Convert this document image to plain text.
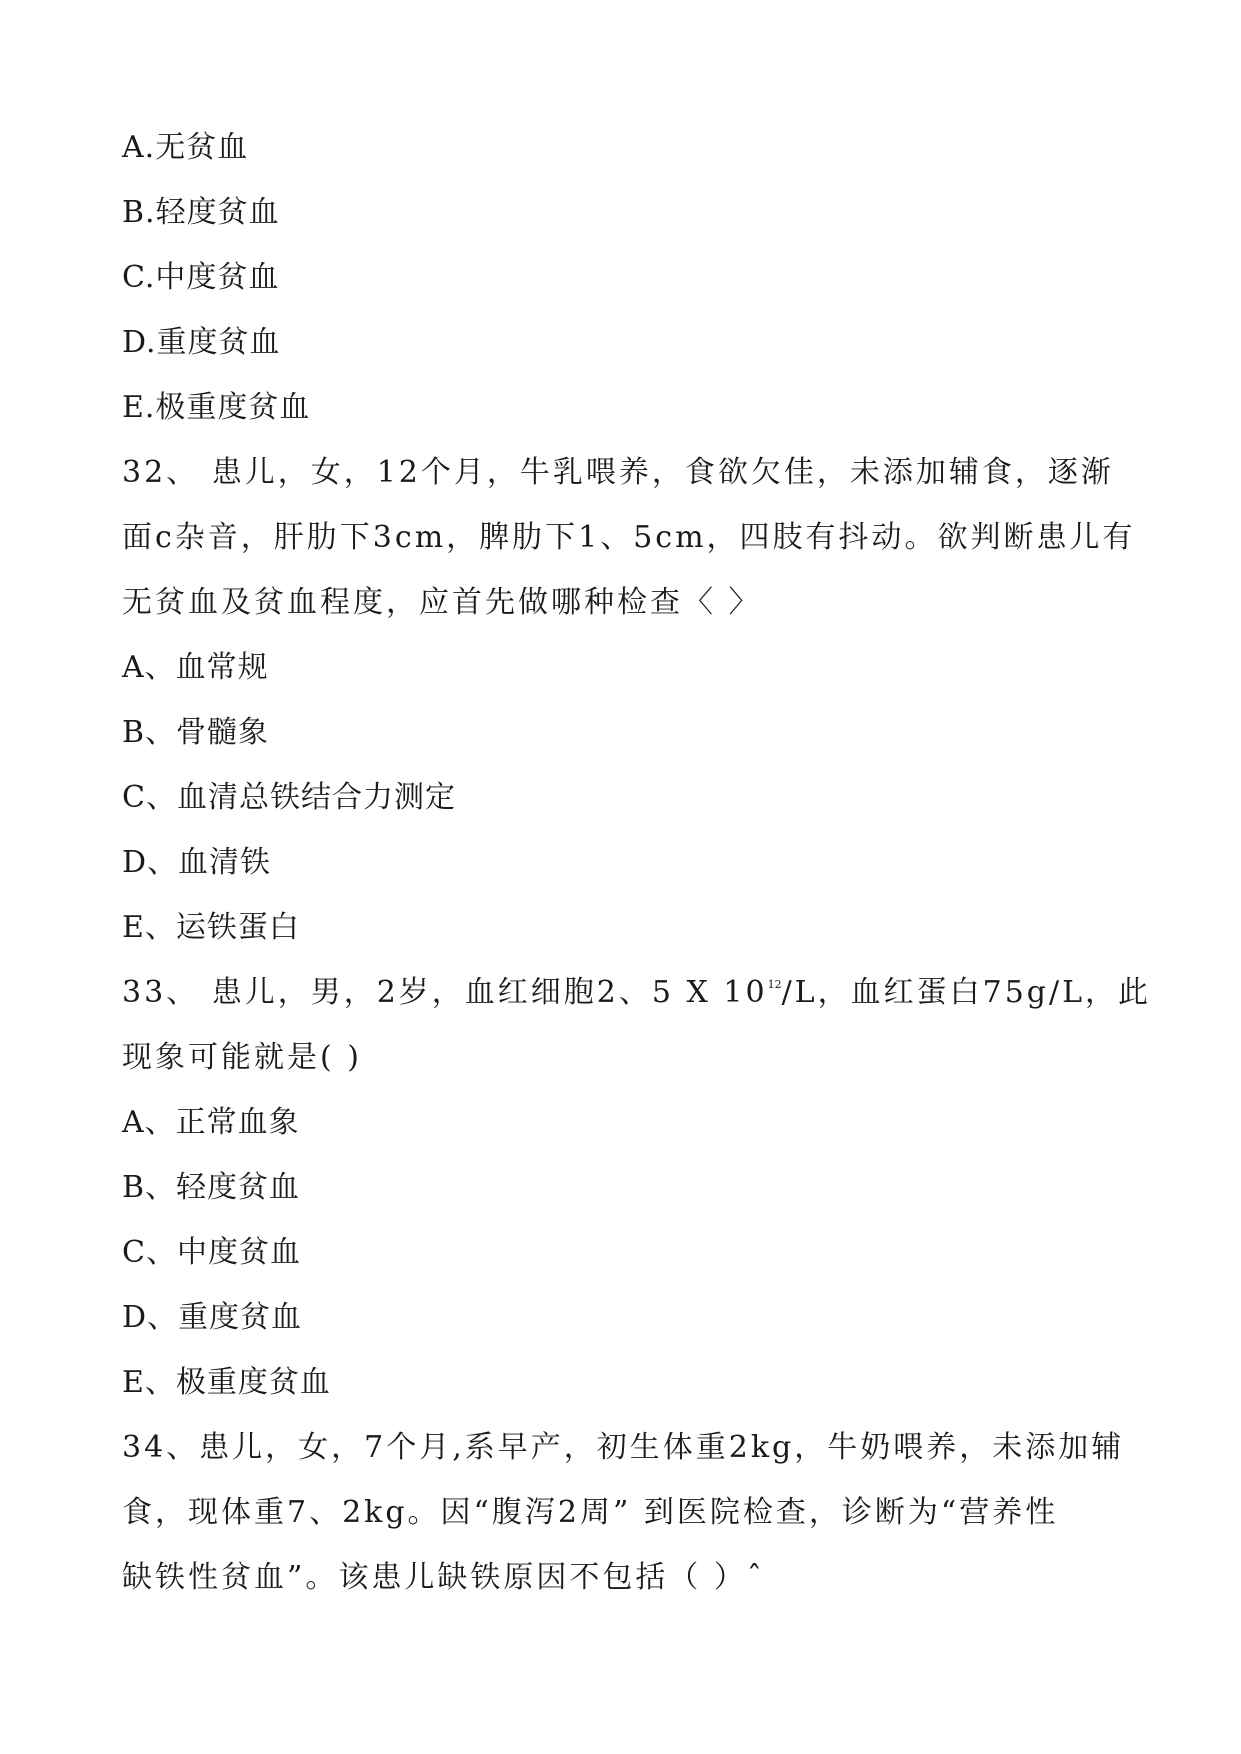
A.无贫血
B.轻度贫血
C.中度贫血
D.重度贫血
E.极重度贫血
32、 患儿，女，12个月，牛乳喂养，食欲欠佳，未添加辅食，逐渐
面c杂音，肝肋下3cm，脾肋下1、5cm，四肢有抖动。欲判断患儿有
无贫血及贫血程度，应首先做哪种检查〈 〉
A、血常规
B、骨髓象
C、血清总铁结合力测定
D、血清铁
E、运铁蛋白
33、 患儿，男，2岁，血红细胞2、5 X $10^{12}/L$，血红蛋白75g/L，此
现象可能就是( )
A、正常血象
B、轻度贫血
C、中度贫血
D、重度贫血
E、极重度贫血
34、患儿，女，7个月,系早产，初生体重2kg，牛奶喂养，未添加辅
食，现体重7、2kg。因“腹泻2周” 到医院检查，诊断为“营养性
缺铁性贫血”。该患儿缺铁原因不包括（ ）ˆ
